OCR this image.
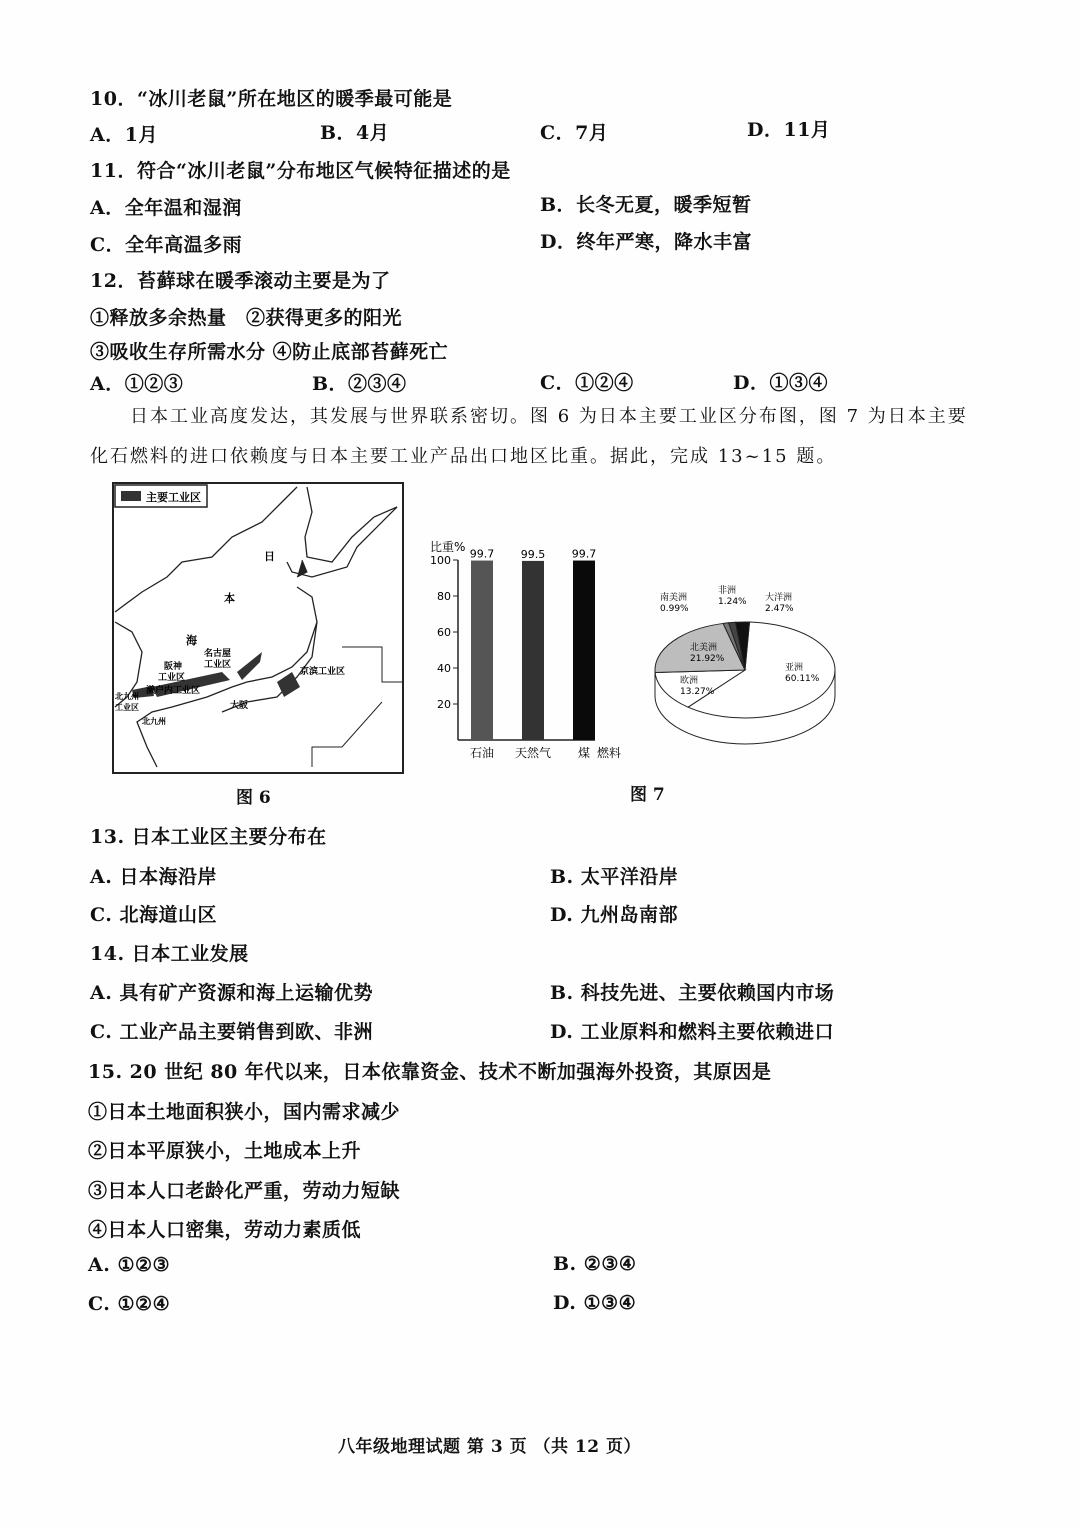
10．“冰川老鼠”所在地区的暖季最可能是
A．1月	B．4月	C．7月	D．11月
11．符合“冰川老鼠”分布地区气候特征描述的是
A．全年温和湿润	B．长冬无夏，暖季短暂
C．全年高温多雨	D．终年严寒，降水丰富
12．苔藓球在暖季滚动主要是为了
①释放多余热量　②获得更多的阳光
③吸收生存所需水分 ④防止底部苔藓死亡
A．①②③	B．②③④	C．①②④	D．①③④
日本工业高度发达，其发展与世界联系密切。图 6 为日本主要工业区分布图，图 7 为日本主要
化石燃料的进口依赖度与日本主要工业产品出口地区比重。据此，完成 13~15 题。
主要工业区
日
本
海
名古屋
工业区
阪神
工业区
京滨工业区
濑户内工业区
北九州
工业区	大阪
北九州
图 6
比重%
燃料
100
80
60
40
20
99.7
石油
99.5
天然气
99.7
煤
亚洲
60.11%
欧洲
13.27%
北美洲
21.92%
南美洲
0.99%
非洲
1.24% 大洋洲
2.47%
图 7
13. 日本工业区主要分布在
A. 日本海沿岸	B. 太平洋沿岸
C. 北海道山区	D. 九州岛南部
14. 日本工业发展
A. 具有矿产资源和海上运输优势	B. 科技先进、主要依赖国内市场
C. 工业产品主要销售到欧、非洲	D. 工业原料和燃料主要依赖进口
15. 20 世纪 80 年代以来，日本依靠资金、技术不断加强海外投资，其原因是
①日本土地面积狭小，国内需求减少
②日本平原狭小，土地成本上升
③日本人口老龄化严重，劳动力短缺
④日本人口密集，劳动力素质低
A. ①②③	B. ②③④
C. ①②④	D. ①③④
八年级地理试题 第 3 页 （共 12 页）
